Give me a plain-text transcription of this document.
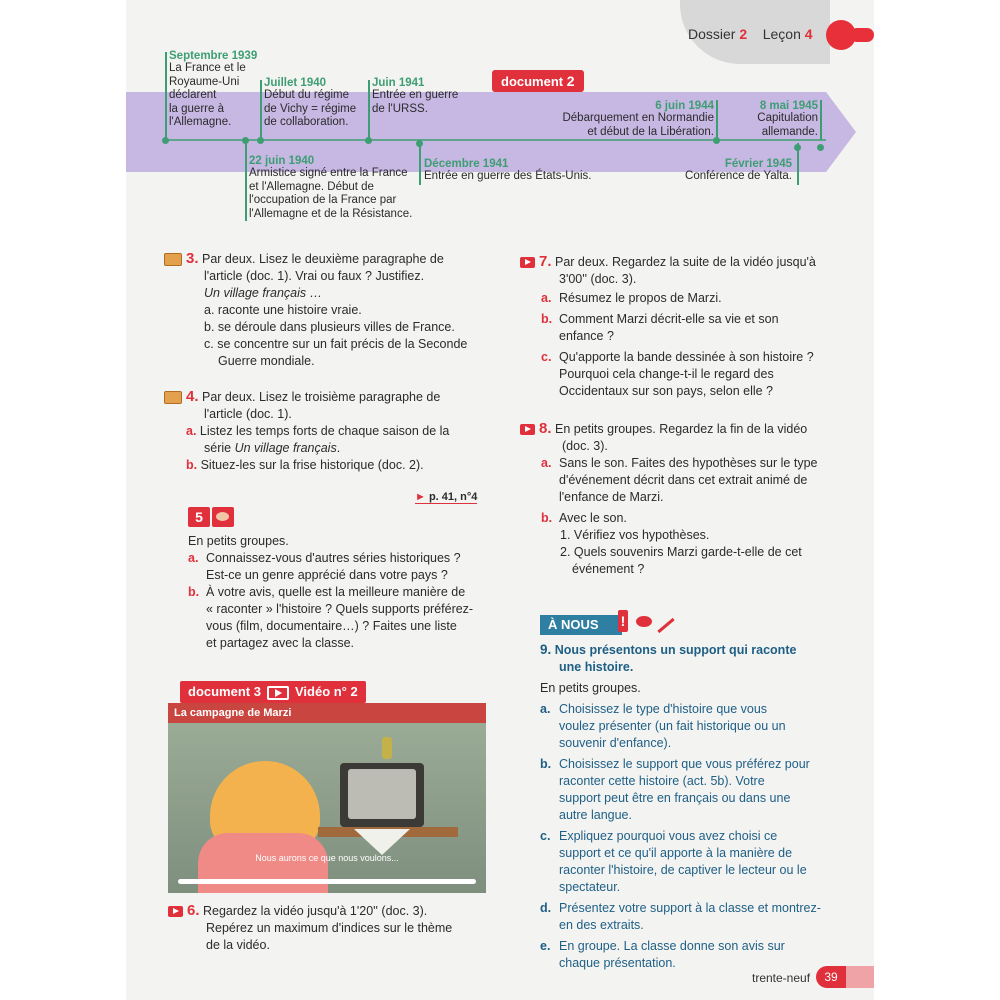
Dossier 2 Leçon 4
document 2
Septembre 1939
La France et le
Royaume-Uni
déclarent
la guerre à
l'Allemagne.
Juillet 1940
Début du régime
de Vichy = régime
de collaboration.
Juin 1941
Entrée en guerre
de l'URSS.	6 juin 1944
Débarquement en Normandie
et début de la Libération.
8 mai 1945
Capitulation
allemande.
22 juin 1940
Armistice signé entre la France
et l'Allemagne. Début de
l'occupation de la France par
l'Allemagne et de la Résistance.
Décembre 1941
Entrée en guerre des États-Unis.
Février 1945
Conférence de Yalta.
3. Par deux. Lisez le deuxième paragraphe de
l'article (doc. 1). Vrai ou faux ? Justifiez.
Un village français …
a. raconte une histoire vraie.
b. se déroule dans plusieurs villes de France.
c. se concentre sur un fait précis de la Seconde
Guerre mondiale.
4. Par deux. Lisez le troisième paragraphe de
l'article (doc. 1).
a. Listez les temps forts de chaque saison de la
série Un village français.
b. Situez-les sur la frise historique (doc. 2).
► p. 41, n°4
5
En petits groupes.
a. Connaissez-vous d'autres séries historiques ?
Est-ce un genre apprécié dans votre pays ?
b. À votre avis, quelle est la meilleure manière de
« raconter » l'histoire ? Quels supports préférez-
vous (film, documentaire…) ? Faites une liste
et partagez avec la classe.
document 3	Vidéo n° 2
Nous aurons ce que nous voulons...
La campagne de Marzi
6. Regardez la vidéo jusqu'à 1'20'' (doc. 3).
Repérez un maximum d'indices sur le thème
de la vidéo.
7. Par deux. Regardez la suite de la vidéo jusqu'à
3'00'' (doc. 3).
a. Résumez le propos de Marzi.
b. Comment Marzi décrit-elle sa vie et son
enfance ?
c. Qu'apporte la bande dessinée à son histoire ?
Pourquoi cela change-t-il le regard des
Occidentaux sur son pays, selon elle ?
8. En petits groupes. Regardez la fin de la vidéo
(doc. 3).
a. Sans le son. Faites des hypothèses sur le type
d'événement décrit dans cet extrait animé de
l'enfance de Marzi.
b. Avec le son.
1. Vérifiez vos hypothèses.
2. Quels souvenirs Marzi garde-t-elle de cet
événement ?
À NOUS	!
9. Nous présentons un support qui raconte
une histoire.
En petits groupes.
a. Choisissez le type d'histoire que vous
voulez présenter (un fait historique ou un
souvenir d'enfance).
b. Choisissez le support que vous préférez pour
raconter cette histoire (act. 5b). Votre
support peut être en français ou dans une
autre langue.
c. Expliquez pourquoi vous avez choisi ce
support et ce qu'il apporte à la manière de
raconter l'histoire, de captiver le lecteur ou le
spectateur.
d. Présentez votre support à la classe et montrez-
en des extraits.
e. En groupe. La classe donne son avis sur
chaque présentation.
trente-neuf	39
